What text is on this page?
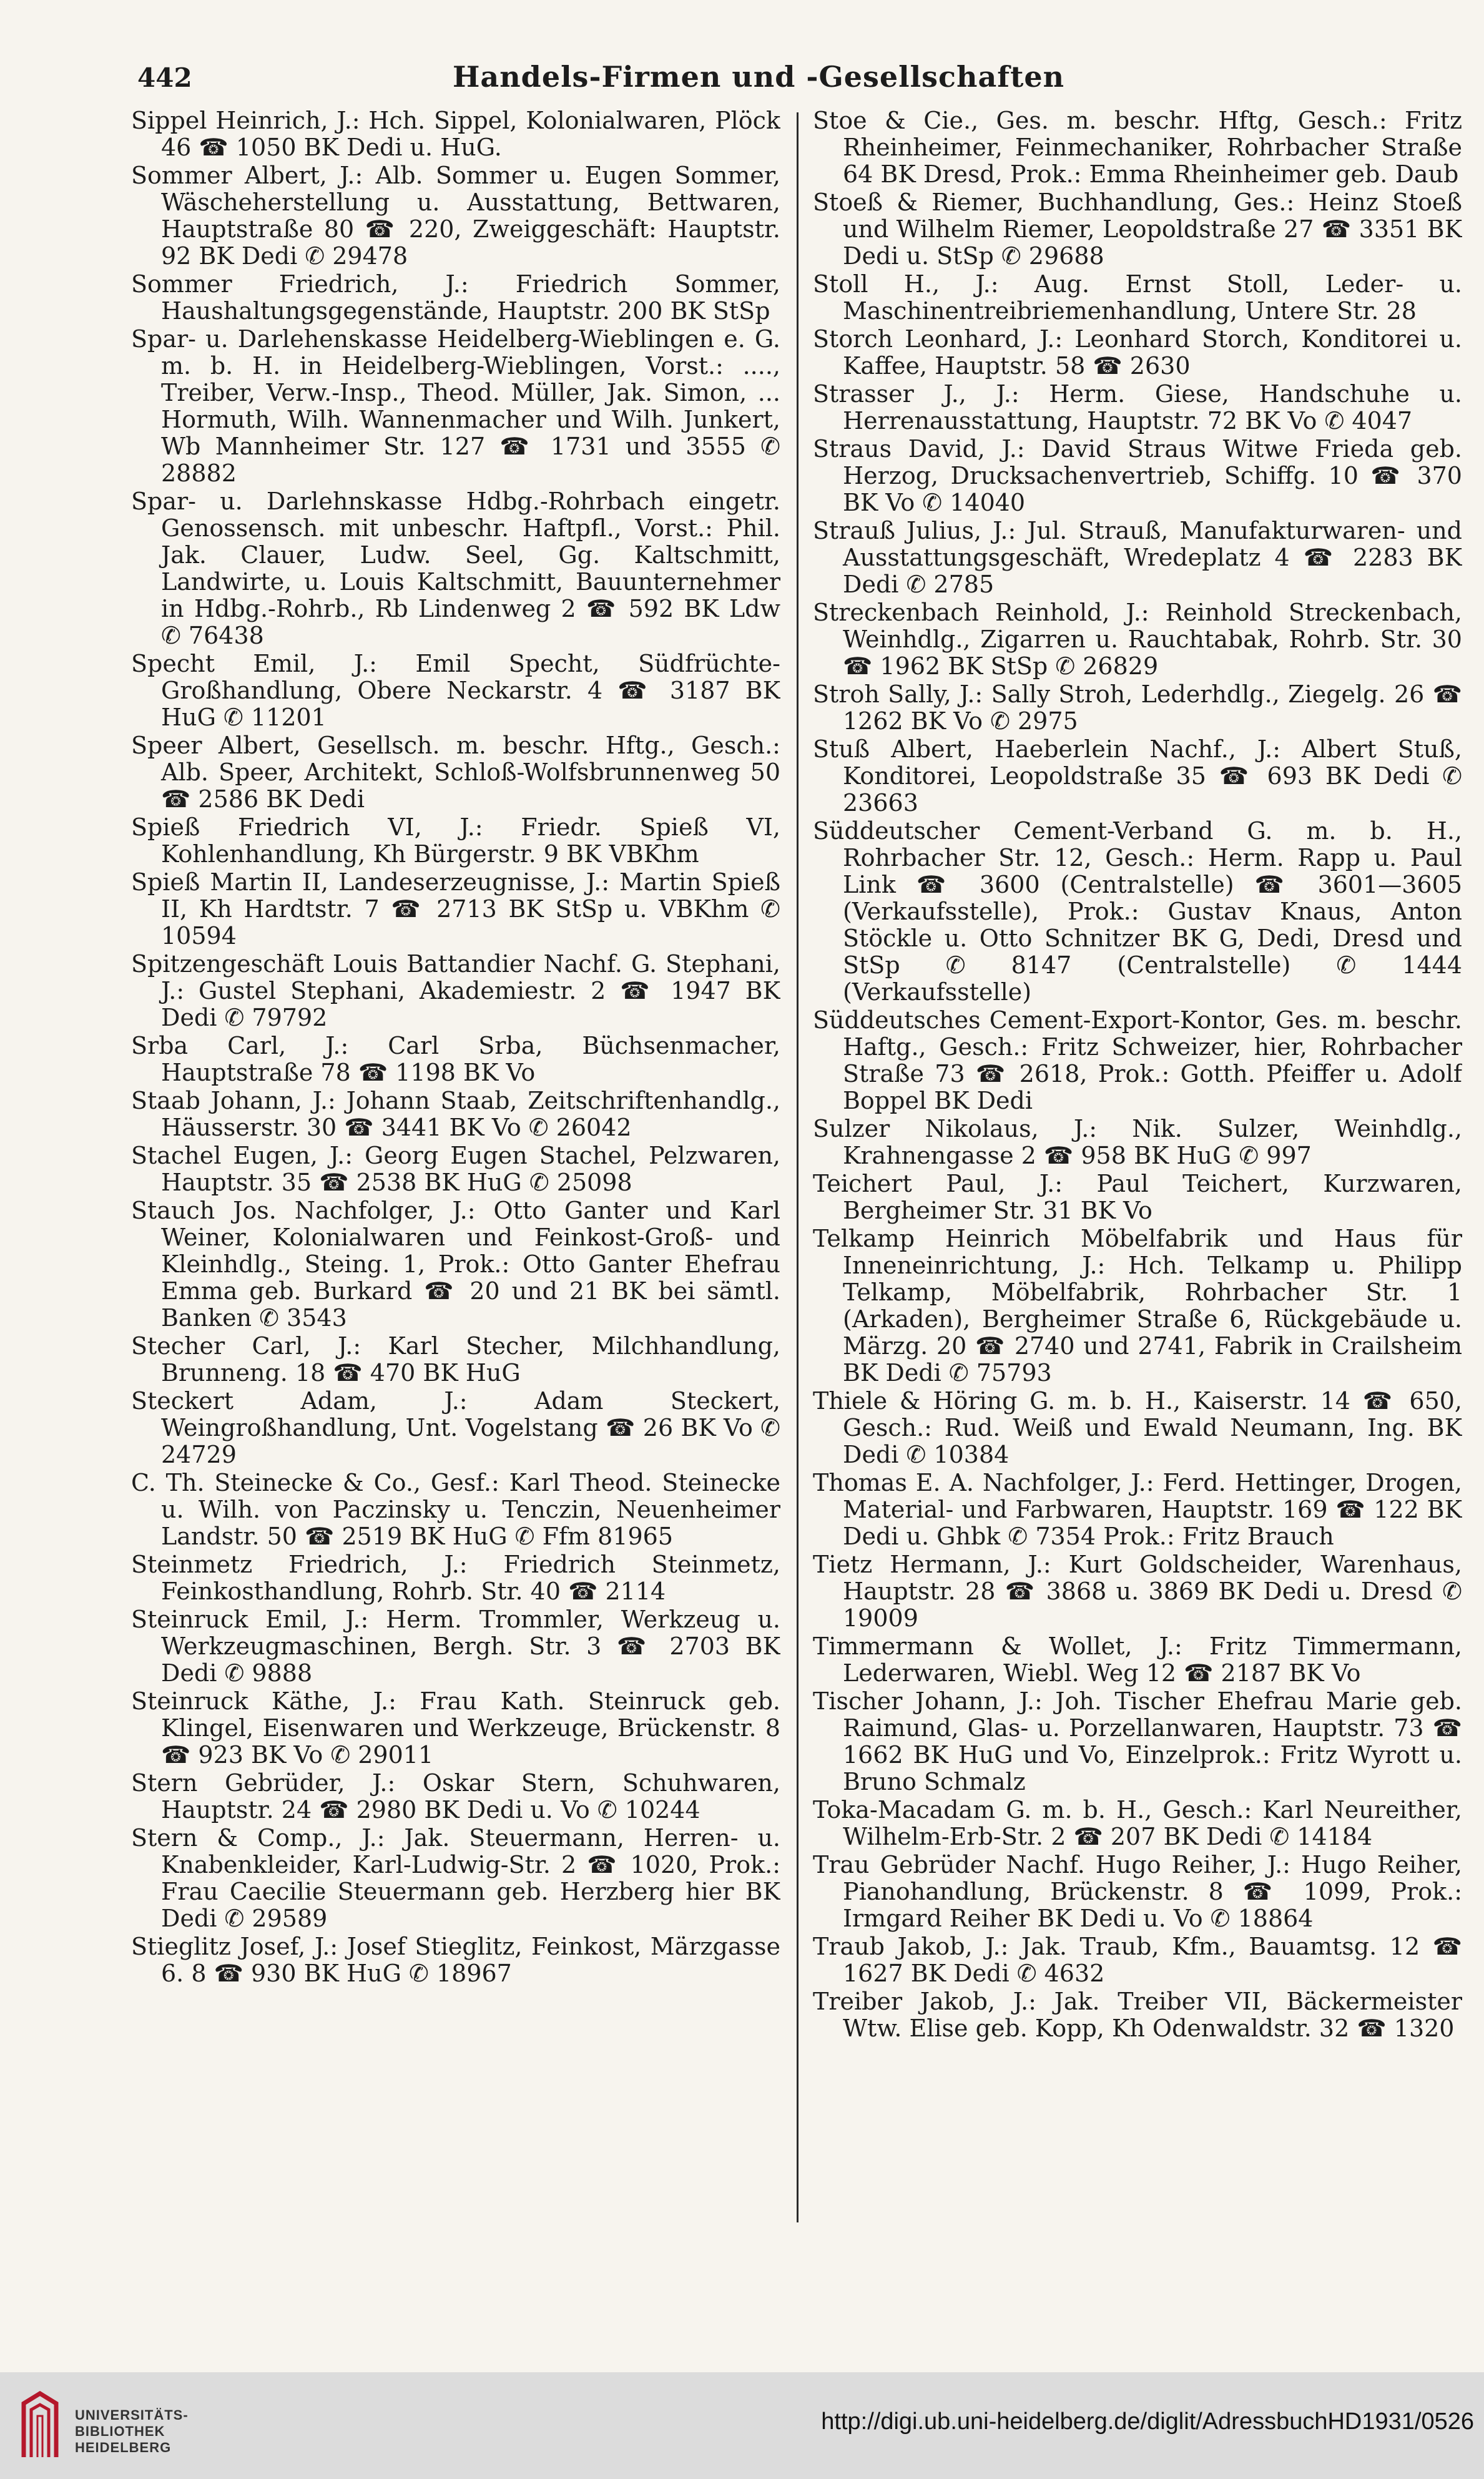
442	Handels-Firmen und -Gesellschaften

Sippel Heinrich, J.: Hch. Sippel, Kolonialwaren, Plöck 46 ☎ 1050 BK Dedi u. HuG.

Sommer Albert, J.: Alb. Sommer u. Eugen Sommer, Wäscheherstellung u. Ausstattung, Bettwaren, Hauptstraße 80 ☎ 220, Zweiggeschäft: Hauptstr. 92 BK Dedi ✆ 29478

Sommer Friedrich, J.: Friedrich Sommer, Haushaltungsgegenstände, Hauptstr. 200 BK StSp

Spar- u. Darlehenskasse Heidelberg-Wieblingen e. G. m. b. H. in Heidelberg-Wieblingen, Vorst.: ...., Treiber, Verw.-Insp., Theod. Müller, Jak. Simon, ... Hormuth, Wilh. Wannenmacher und Wilh. Junkert, Wb Mannheimer Str. 127 ☎ 1731 und 3555 ✆ 28882

Spar- u. Darlehnskasse Hdbg.-Rohrbach eingetr. Genossensch. mit unbeschr. Haftpfl., Vorst.: Phil. Jak. Clauer, Ludw. Seel, Gg. Kaltschmitt, Landwirte, u. Louis Kaltschmitt, Bauunternehmer in Hdbg.-Rohrb., Rb Lindenweg 2 ☎ 592 BK Ldw ✆ 76438

Specht Emil, J.: Emil Specht, Südfrüchte-Großhandlung, Obere Neckarstr. 4 ☎ 3187 BK HuG ✆ 11201

Speer Albert, Gesellsch. m. beschr. Hftg., Gesch.: Alb. Speer, Architekt, Schloß-Wolfsbrunnenweg 50 ☎ 2586 BK Dedi

Spieß Friedrich VI, J.: Friedr. Spieß VI, Kohlenhandlung, Kh Bürgerstr. 9 BK VBKhm

Spieß Martin II, Landeserzeugnisse, J.: Martin Spieß II, Kh Hardtstr. 7 ☎ 2713 BK StSp u. VBKhm ✆ 10594

Spitzengeschäft Louis Battandier Nachf. G. Stephani, J.: Gustel Stephani, Akademiestr. 2 ☎ 1947 BK Dedi ✆ 79792

Srba Carl, J.: Carl Srba, Büchsenmacher, Hauptstraße 78 ☎ 1198 BK Vo

Staab Johann, J.: Johann Staab, Zeitschriftenhandlg., Häusserstr. 30 ☎ 3441 BK Vo ✆ 26042

Stachel Eugen, J.: Georg Eugen Stachel, Pelzwaren, Hauptstr. 35 ☎ 2538 BK HuG ✆ 25098

Stauch Jos. Nachfolger, J.: Otto Ganter und Karl Weiner, Kolonialwaren und Feinkost-Groß- und Kleinhdlg., Steing. 1, Prok.: Otto Ganter Ehefrau Emma geb. Burkard ☎ 20 und 21 BK bei sämtl. Banken ✆ 3543

Stecher Carl, J.: Karl Stecher, Milchhandlung, Brunneng. 18 ☎ 470 BK HuG

Steckert Adam, J.: Adam Steckert, Weingroßhandlung, Unt. Vogelstang ☎ 26 BK Vo ✆ 24729

C. Th. Steinecke & Co., Gesf.: Karl Theod. Steinecke u. Wilh. von Paczinsky u. Tenczin, Neuenheimer Landstr. 50 ☎ 2519 BK HuG ✆ Ffm 81965

Steinmetz Friedrich, J.: Friedrich Steinmetz, Feinkosthandlung, Rohrb. Str. 40 ☎ 2114

Steinruck Emil, J.: Herm. Trommler, Werkzeug u. Werkzeugmaschinen, Bergh. Str. 3 ☎ 2703 BK Dedi ✆ 9888

Steinruck Käthe, J.: Frau Kath. Steinruck geb. Klingel, Eisenwaren und Werkzeuge, Brückenstr. 8 ☎ 923 BK Vo ✆ 29011

Stern Gebrüder, J.: Oskar Stern, Schuhwaren, Hauptstr. 24 ☎ 2980 BK Dedi u. Vo ✆ 10244

Stern & Comp., J.: Jak. Steuermann, Herren- u. Knabenkleider, Karl-Ludwig-Str. 2 ☎ 1020, Prok.: Frau Caecilie Steuermann geb. Herzberg hier BK Dedi ✆ 29589

Stieglitz Josef, J.: Josef Stieglitz, Feinkost, Märzgasse 6. 8 ☎ 930 BK HuG ✆ 18967

Stoe & Cie., Ges. m. beschr. Hftg, Gesch.: Fritz Rheinheimer, Feinmechaniker, Rohrbacher Straße 64 BK Dresd, Prok.: Emma Rheinheimer geb. Daub

Stoeß & Riemer, Buchhandlung, Ges.: Heinz Stoeß und Wilhelm Riemer, Leopoldstraße 27 ☎ 3351 BK Dedi u. StSp ✆ 29688

Stoll H., J.: Aug. Ernst Stoll, Leder- u. Maschinentreibriemenhandlung, Untere Str. 28

Storch Leonhard, J.: Leonhard Storch, Konditorei u. Kaffee, Hauptstr. 58 ☎ 2630

Strasser J., J.: Herm. Giese, Handschuhe u. Herrenausstattung, Hauptstr. 72 BK Vo ✆ 4047

Straus David, J.: David Straus Witwe Frieda geb. Herzog, Drucksachenvertrieb, Schiffg. 10 ☎ 370 BK Vo ✆ 14040

Strauß Julius, J.: Jul. Strauß, Manufakturwaren- und Ausstattungsgeschäft, Wredeplatz 4 ☎ 2283 BK Dedi ✆ 2785

Streckenbach Reinhold, J.: Reinhold Streckenbach, Weinhdlg., Zigarren u. Rauchtabak, Rohrb. Str. 30 ☎ 1962 BK StSp ✆ 26829

Stroh Sally, J.: Sally Stroh, Lederhdlg., Ziegelg. 26 ☎ 1262 BK Vo ✆ 2975

Stuß Albert, Haeberlein Nachf., J.: Albert Stuß, Konditorei, Leopoldstraße 35 ☎ 693 BK Dedi ✆ 23663

Süddeutscher Cement-Verband G. m. b. H., Rohrbacher Str. 12, Gesch.: Herm. Rapp u. Paul Link ☎ 3600 (Centralstelle) ☎ 3601—3605 (Verkaufsstelle), Prok.: Gustav Knaus, Anton Stöckle u. Otto Schnitzer BK G, Dedi, Dresd und StSp ✆ 8147 (Centralstelle) ✆ 1444 (Verkaufsstelle)

Süddeutsches Cement-Export-Kontor, Ges. m. beschr. Haftg., Gesch.: Fritz Schweizer, hier, Rohrbacher Straße 73 ☎ 2618, Prok.: Gotth. Pfeiffer u. Adolf Boppel BK Dedi

Sulzer Nikolaus, J.: Nik. Sulzer, Weinhdlg., Krahnengasse 2 ☎ 958 BK HuG ✆ 997

Teichert Paul, J.: Paul Teichert, Kurzwaren, Bergheimer Str. 31 BK Vo

Telkamp Heinrich Möbelfabrik und Haus für Inneneinrichtung, J.: Hch. Telkamp u. Philipp Telkamp, Möbelfabrik, Rohrbacher Str. 1 (Arkaden), Bergheimer Straße 6, Rückgebäude u. Märzg. 20 ☎ 2740 und 2741, Fabrik in Crailsheim BK Dedi ✆ 75793

Thiele & Höring G. m. b. H., Kaiserstr. 14 ☎ 650, Gesch.: Rud. Weiß und Ewald Neumann, Ing. BK Dedi ✆ 10384

Thomas E. A. Nachfolger, J.: Ferd. Hettinger, Drogen, Material- und Farbwaren, Hauptstr. 169 ☎ 122 BK Dedi u. Ghbk ✆ 7354 Prok.: Fritz Brauch

Tietz Hermann, J.: Kurt Goldscheider, Warenhaus, Hauptstr. 28 ☎ 3868 u. 3869 BK Dedi u. Dresd ✆ 19009

Timmermann & Wollet, J.: Fritz Timmermann, Lederwaren, Wiebl. Weg 12 ☎ 2187 BK Vo

Tischer Johann, J.: Joh. Tischer Ehefrau Marie geb. Raimund, Glas- u. Porzellanwaren, Hauptstr. 73 ☎ 1662 BK HuG und Vo, Einzelprok.: Fritz Wyrott u. Bruno Schmalz

Toka-Macadam G. m. b. H., Gesch.: Karl Neureither, Wilhelm-Erb-Str. 2 ☎ 207 BK Dedi ✆ 14184

Trau Gebrüder Nachf. Hugo Reiher, J.: Hugo Reiher, Pianohandlung, Brückenstr. 8 ☎ 1099, Prok.: Irmgard Reiher BK Dedi u. Vo ✆ 18864

Traub Jakob, J.: Jak. Traub, Kfm., Bauamtsg. 12 ☎ 1627 BK Dedi ✆ 4632

Treiber Jakob, J.: Jak. Treiber VII, Bäckermeister Wtw. Elise geb. Kopp, Kh Odenwaldstr. 32 ☎ 1320

UNIVERSITÄTS-
BIBLIOTHEK
HEIDELBERG
http://digi.ub.uni-heidelberg.de/diglit/AdressbuchHD1931/0526
